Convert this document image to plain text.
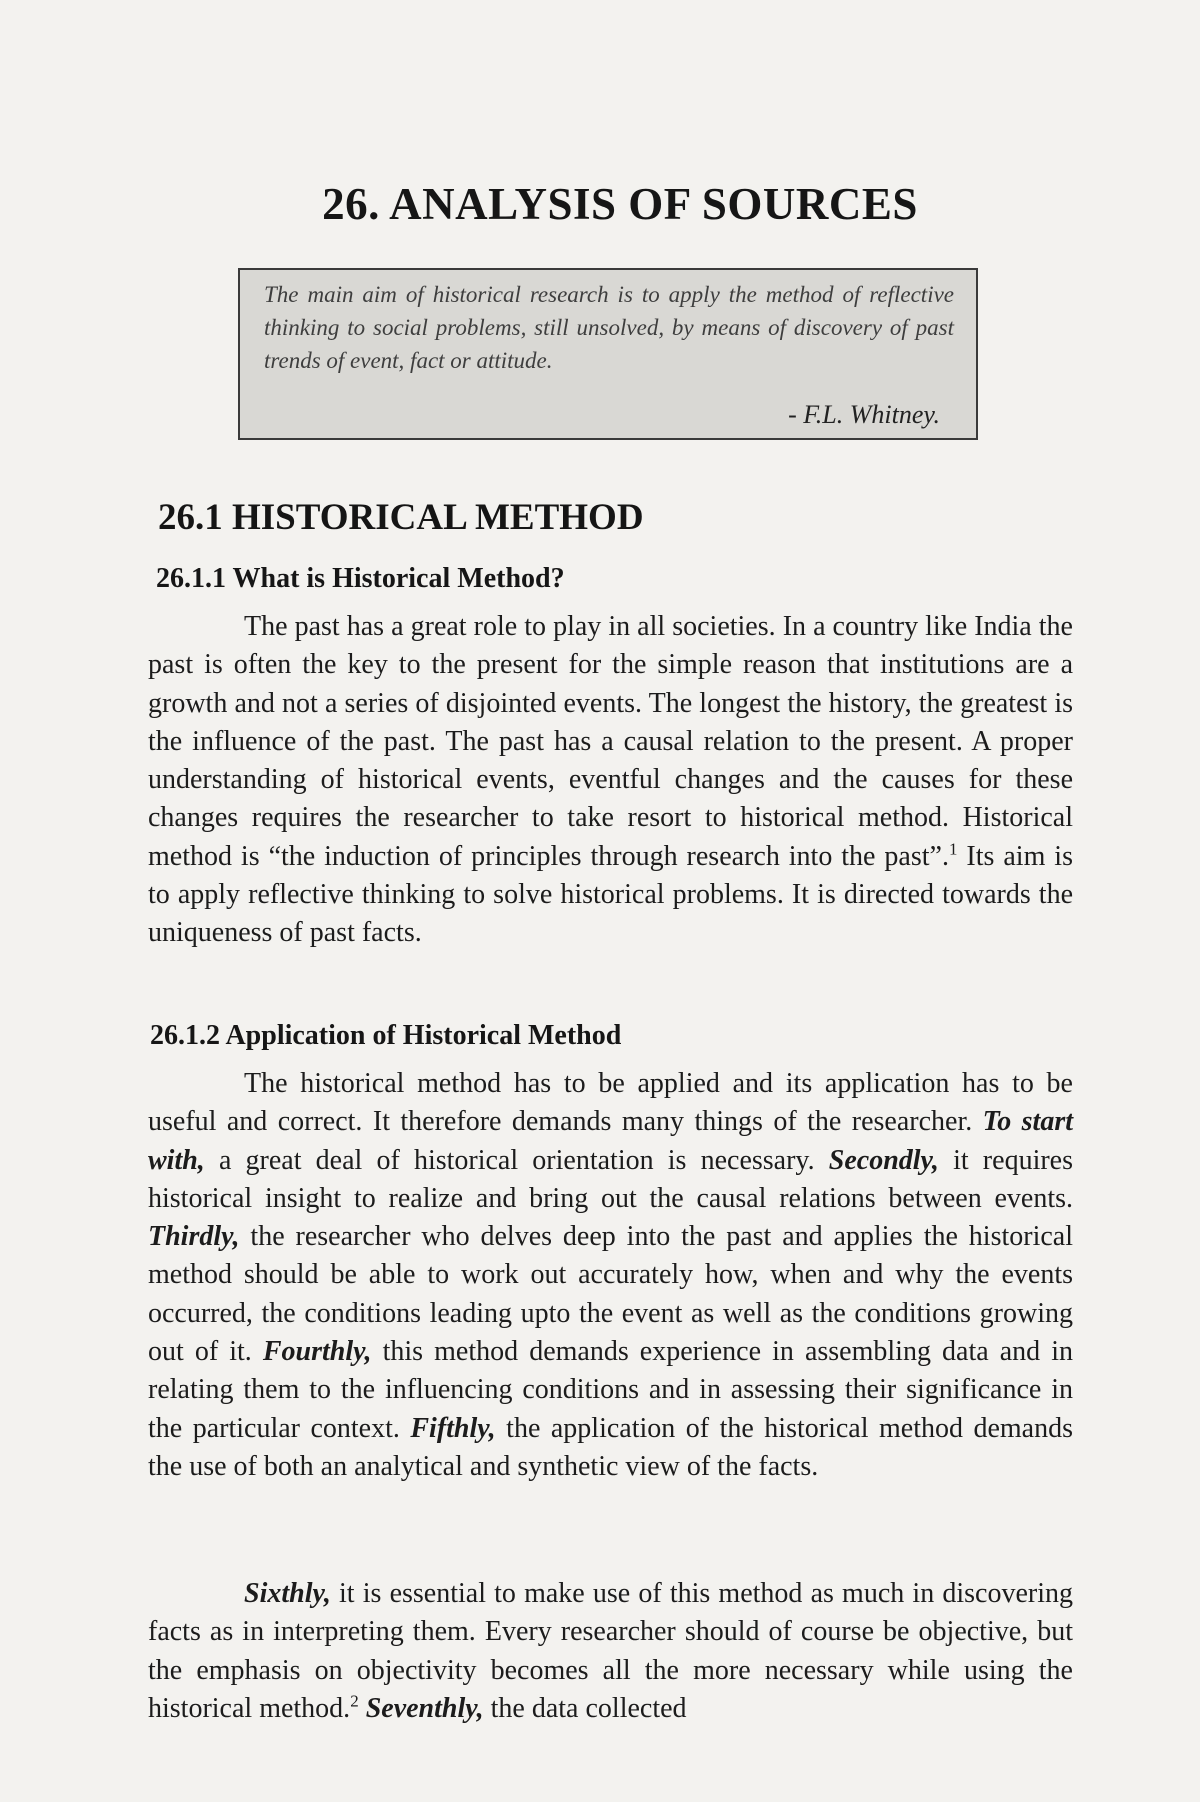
26. ANALYSIS OF SOURCES
The main aim of historical research is to apply the method of reflective thinking to social problems, still unsolved, by means of discovery of past trends of event, fact or attitude.
- F.L. Whitney.
26.1 HISTORICAL METHOD
26.1.1 What is Historical Method?
The past has a great role to play in all societies. In a country like India the past is often the key to the present for the simple reason that institutions are a growth and not a series of disjointed events. The longest the history, the greatest is the influence of the past. The past has a causal relation to the present. A proper understanding of historical events, eventful changes and the causes for these changes requires the researcher to take resort to historical method. Historical method is “the induction of principles through research into the past”.$^1$ Its aim is to apply reflective thinking to solve historical problems. It is directed towards the uniqueness of past facts.
26.1.2 Application of Historical Method
The historical method has to be applied and its application has to be useful and correct. It therefore demands many things of the researcher. To start with, a great deal of historical orientation is necessary. Secondly, it requires historical insight to realize and bring out the causal relations between events. Thirdly, the researcher who delves deep into the past and applies the historical method should be able to work out accurately how, when and why the events occurred, the conditions leading upto the event as well as the conditions growing out of it. Fourthly, this method demands experience in assembling data and in relating them to the influencing conditions and in assessing their significance in the particular context. Fifthly, the application of the historical method demands the use of both an analytical and synthetic view of the facts.
Sixthly, it is essential to make use of this method as much in discovering facts as in interpreting them. Every researcher should of course be objective, but the emphasis on objectivity becomes all the more necessary while using the historical method.$^2$ Seventhly, the data collected
